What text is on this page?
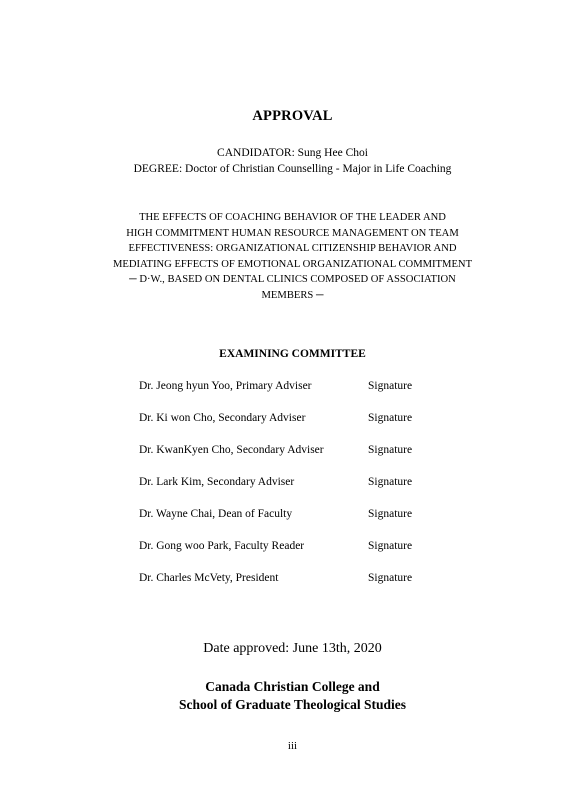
APPROVAL
CANDIDATOR: Sung Hee Choi
DEGREE: Doctor of Christian Counselling - Major in Life Coaching
THE EFFECTS OF COACHING BEHAVIOR OF THE LEADER AND
HIGH COMMITMENT HUMAN RESOURCE MANAGEMENT ON TEAM
EFFECTIVENESS: ORGANIZATIONAL CITIZENSHIP BEHAVIOR AND
MEDIATING EFFECTS OF EMOTIONAL ORGANIZATIONAL COMMITMENT
─ D·W., BASED ON DENTAL CLINICS COMPOSED OF ASSOCIATION
MEMBERS ─
EXAMINING COMMITTEE
Dr. Jeong hyun Yoo, Primary Adviser	Signature
Dr. Ki won Cho, Secondary Adviser	Signature
Dr. KwanKyen Cho, Secondary Adviser	Signature
Dr. Lark Kim, Secondary Adviser	Signature
Dr. Wayne Chai, Dean of Faculty	Signature
Dr. Gong woo Park, Faculty Reader	Signature
Dr. Charles McVety, President	Signature
Date approved: June 13th, 2020
Canada Christian College and
School of Graduate Theological Studies
iii
